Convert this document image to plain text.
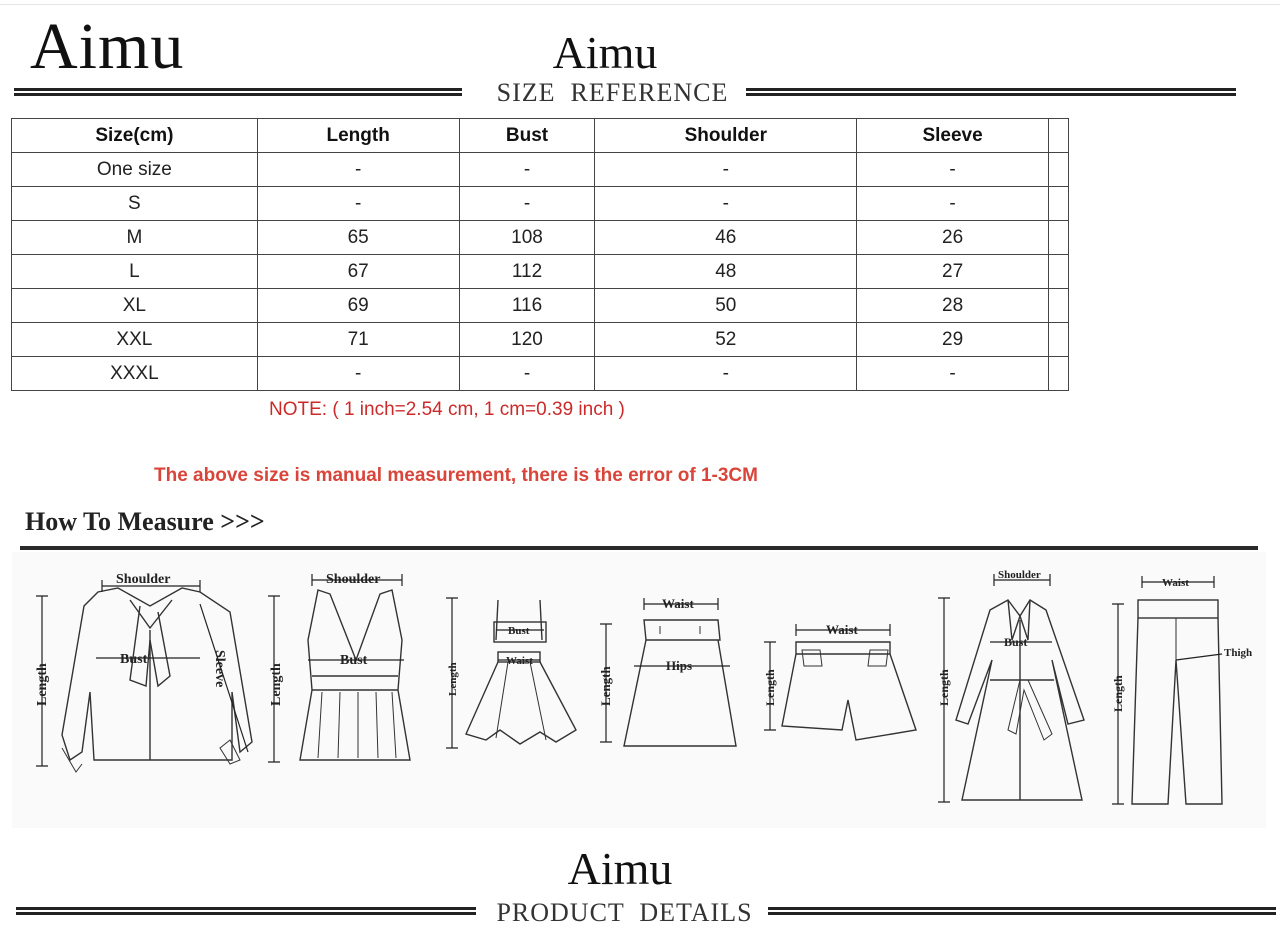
Aimu	Aimu
SIZE  REFERENCE
Size(cm)	Length	Bust	Shoulder	Sleeve	
One size	-	-	-	-	
S	-	-	-	-	
M	65	108	46	26	
L	67	112	48	27	
XL	69	116	50	28	
XXL	71	120	52	29	
XXXL	-	-	-	-	
NOTE: ( 1 inch=2.54 cm, 1 cm=0.39 inch )
The above size is manual measurement, there is the error of 1-3CM
How To Measure >>>
Shoulder
Bust	Sleeve
Length
Shoulder
Bust
Length
Bust
Waist
Length
Waist
Hips
Length
Waist
Length
Shoulder
Bust
Length
Waist
Thigh
Length
Aimu
PRODUCT  DETAILS
